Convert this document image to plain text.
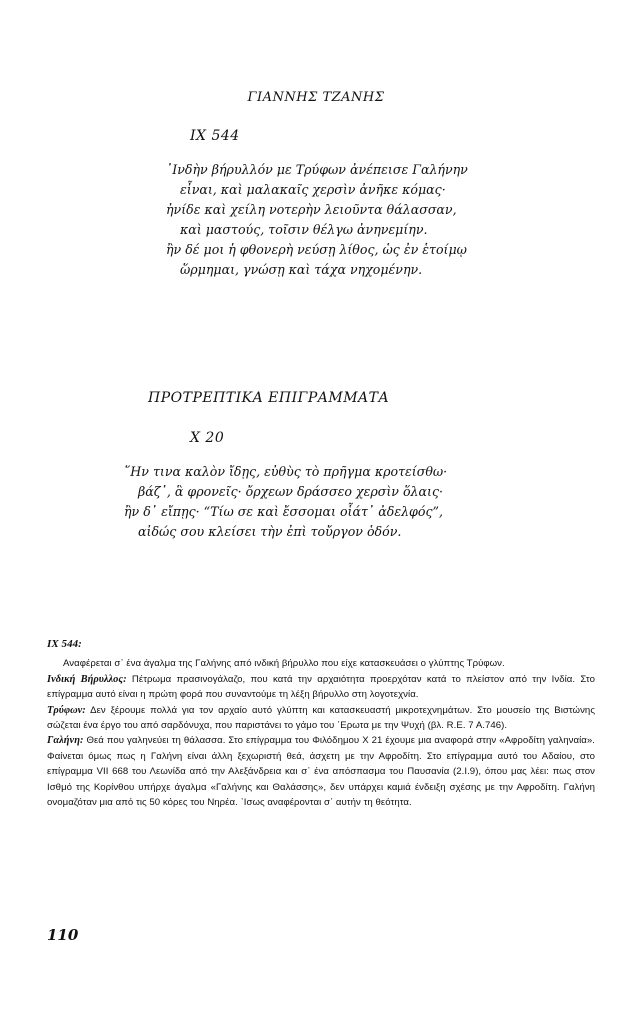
ΓΙΑΝΝΗΣ ΤΖΑΝΗΣ
IX 544
᾿Ινδὴν βήρυλλόν με Τρύφων ἀνέπεισε Γαλήνην
εἶναι, καὶ μαλακαῖς χερσὶν ἀνῆκε κόμας·
ἠνίδε καὶ χείλη νοτερὴν λειοῦντα θάλασσαν,
καὶ μαστούς, τοῖσιν θέλγω ἀνηνεμίην.
ἢν δέ μοι ἡ φθονερὴ νεύσῃ λίθος, ὡς ἐν ἑτοίμῳ
ὥρμημαι, γνώσῃ καὶ τάχα νηχομένην.
ΠΡΟΤΡΕΠΤΙΚΑ ΕΠΙΓΡΑΜΜΑΤΑ
X 20
῞Ην τινα καλὸν ἴδῃς, εὐθὺς τὸ πρῆγμα κροτείσθω·
βάζ᾽, ἃ φρονεῖς· ὄρχεων δράσσεο χερσὶν ὅλαις·
ἢν δ᾽ εἴπῃς· “Τίω σε καὶ ἔσσομαι οἷάτ᾽ ἀδελφός”,
αἰδώς σου κλείσει τὴν ἐπὶ τοὔργον ὁδόν.
IX 544:

Αναφέρεται σ᾽ ένα άγαλμα της Γαλήνης από ινδική βήρυλλο που είχε κατασκευάσει ο γλύπτης Τρύφων.

Ινδική Βήρυλλος: Πέτρωμα πρασινογάλαζο, που κατά την αρχαιότητα προερχόταν κατά το πλείστον από την Ινδία. Στο επίγραμμα αυτό είναι η πρώτη φορά που συναντούμε τη λέξη βήρυλλο στη λογοτεχνία.

Τρύφων: Δεν ξέρουμε πολλά για τον αρχαίο αυτό γλύπτη και κατασκευαστή μικροτεχνημάτων. Στο μουσείο της Βιστώνης σώζεται ένα έργο του από σαρδόνυχα, που παριστάνει το γάμο του ᾿Ερωτα με την Ψυχή (βλ. R.E. 7 A.746).

Γαλήνη: Θεά που γαληνεύει τη θάλασσα. Στο επίγραμμα του Φιλόδημου Χ 21 έχουμε μια αναφορά στην «Αφροδίτη γαληναία». Φαίνεται όμως πως η Γαλήνη είναι άλλη ξεχωριστή θεά, άσχετη με την Αφροδίτη. Στο επίγραμμα αυτό του Αδαίου, στο επίγραμμα VII 668 του Λεωνίδα από την Αλεξάνδρεια και σ᾽ ένα απόσπασμα του Παυσανία (2.I.9), όπου μας λέει: πως στον Ισθμό της Κορίνθου υπήρχε άγαλμα «Γαλήνης και Θαλάσσης», δεν υπάρχει καμιά ένδειξη σχέσης με την Αφροδίτη. Γαλήνη ονομαζόταν μια από τις 50 κόρες του Νηρέα. ᾿Ισως αναφέρονται σ᾽ αυτήν τη θεότητα.

110
